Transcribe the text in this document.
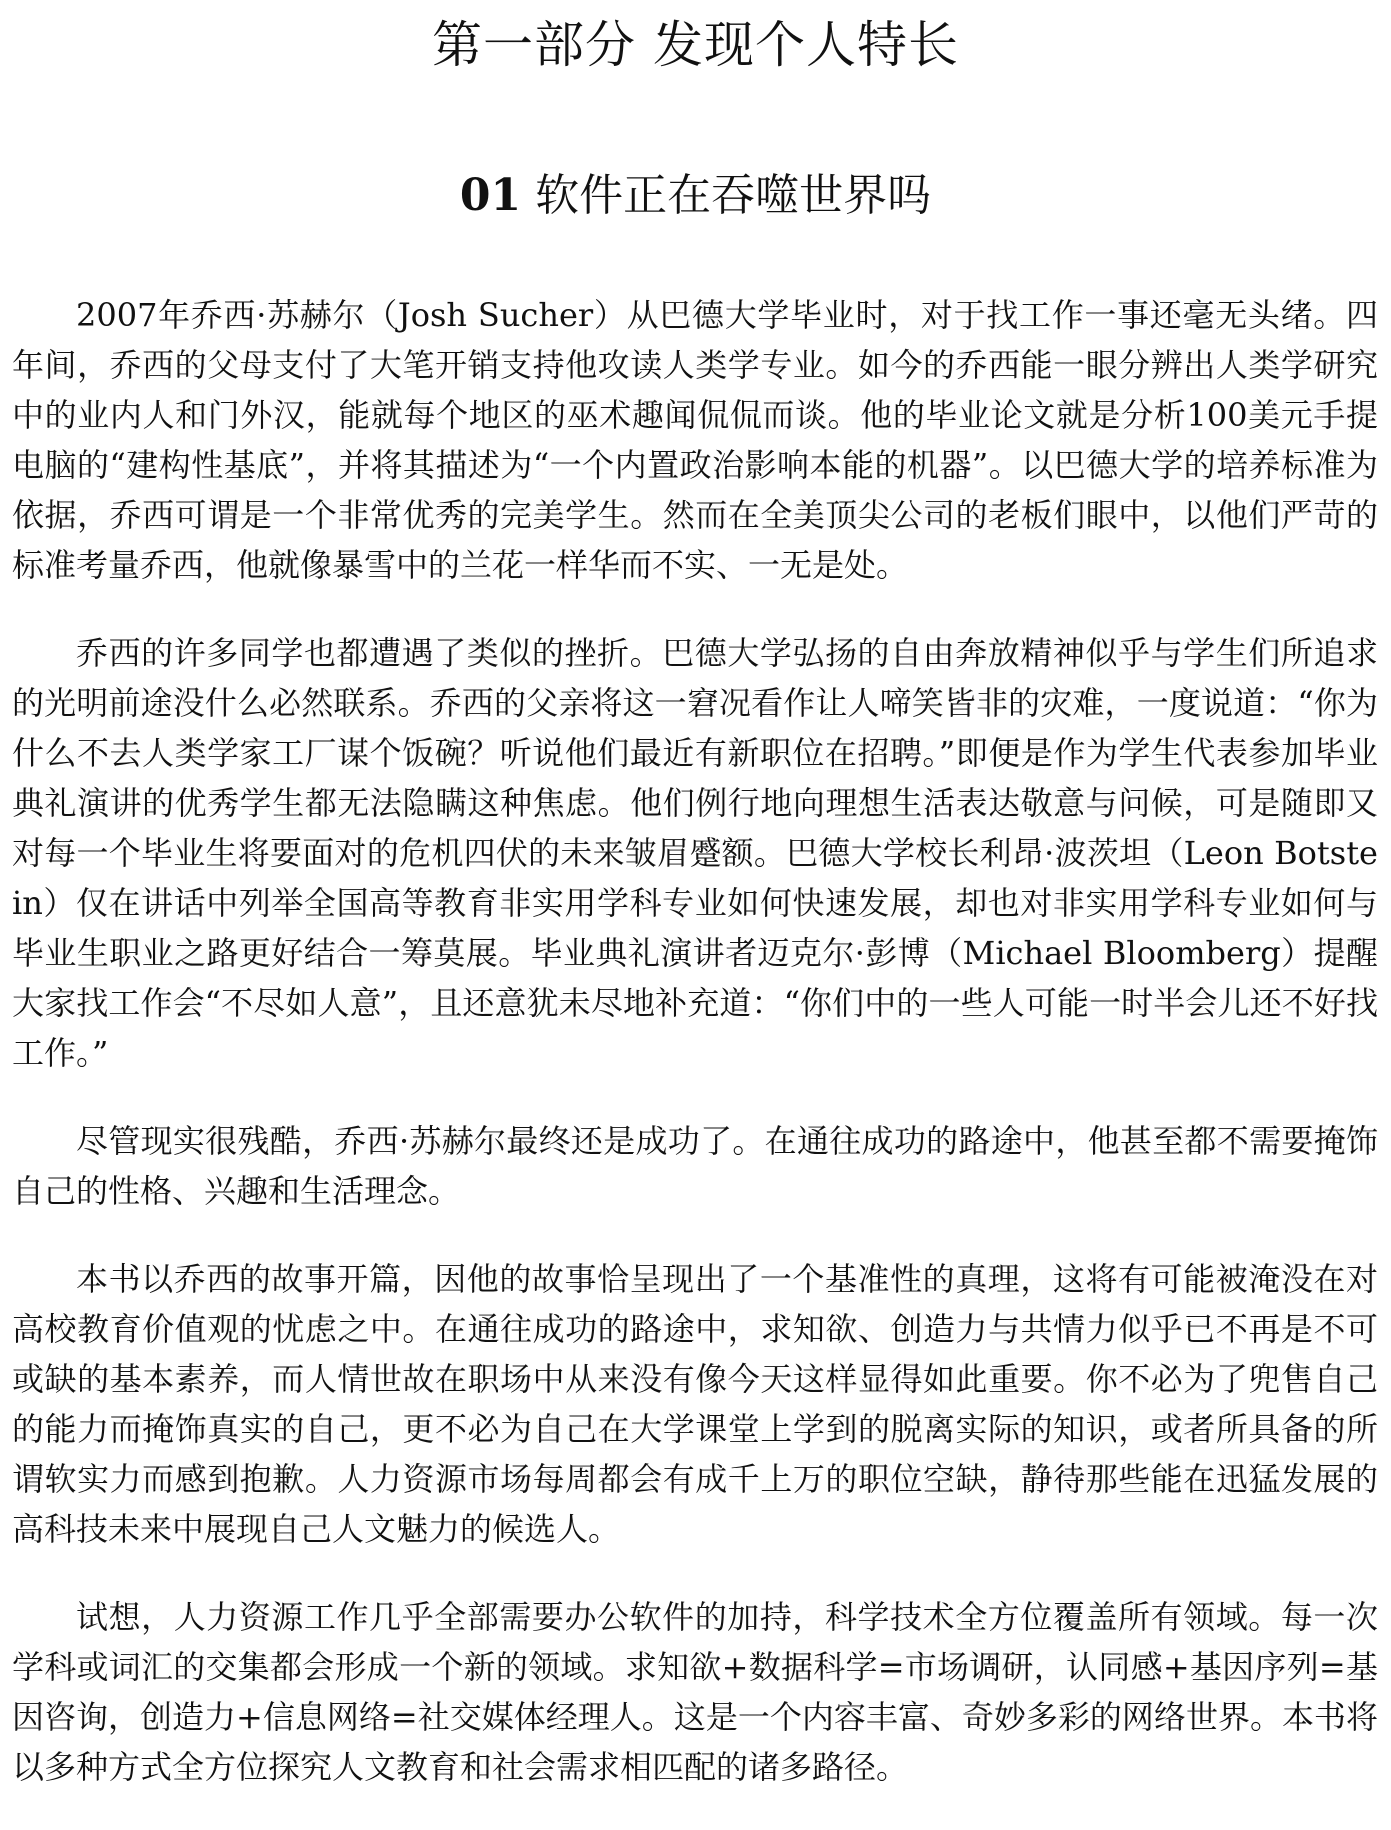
第一部分 发现个人特长
01 软件正在吞噬世界吗

2007年乔西·苏赫尔（Josh Sucher）从巴德大学毕业时，对于找工作一事还毫无头绪。四年间，乔西的父母支付了大笔开销支持他攻读人类学专业。如今的乔西能一眼分辨出人类学研究中的业内人和门外汉，能就每个地区的巫术趣闻侃侃而谈。他的毕业论文就是分析100美元手提电脑的“建构性基底”，并将其描述为“一个内置政治影响本能的机器”。以巴德大学的培养标准为依据，乔西可谓是一个非常优秀的完美学生。然而在全美顶尖公司的老板们眼中，以他们严苛的标准考量乔西，他就像暴雪中的兰花一样华而不实、一无是处。

乔西的许多同学也都遭遇了类似的挫折。巴德大学弘扬的自由奔放精神似乎与学生们所追求的光明前途没什么必然联系。乔西的父亲将这一窘况看作让人啼笑皆非的灾难，一度说道：“你为什么不去人类学家工厂谋个饭碗？听说他们最近有新职位在招聘。”即便是作为学生代表参加毕业典礼演讲的优秀学生都无法隐瞒这种焦虑。他们例行地向理想生活表达敬意与问候，可是随即又对每一个毕业生将要面对的危机四伏的未来皱眉蹙额。巴德大学校长利昂·波茨坦（Leon Botstein）仅在讲话中列举全国高等教育非实用学科专业如何快速发展，却也对非实用学科专业如何与毕业生职业之路更好结合一筹莫展。毕业典礼演讲者迈克尔·彭博（Michael Bloomberg）提醒大家找工作会“不尽如人意”，且还意犹未尽地补充道：“你们中的一些人可能一时半会儿还不好找工作。”

尽管现实很残酷，乔西·苏赫尔最终还是成功了。在通往成功的路途中，他甚至都不需要掩饰自己的性格、兴趣和生活理念。

本书以乔西的故事开篇，因他的故事恰呈现出了一个基准性的真理，这将有可能被淹没在对高校教育价值观的忧虑之中。在通往成功的路途中，求知欲、创造力与共情力似乎已不再是不可或缺的基本素养，而人情世故在职场中从来没有像今天这样显得如此重要。你不必为了兜售自己的能力而掩饰真实的自己，更不必为自己在大学课堂上学到的脱离实际的知识，或者所具备的所谓软实力而感到抱歉。人力资源市场每周都会有成千上万的职位空缺，静待那些能在迅猛发展的高科技未来中展现自己人文魅力的候选人。

试想，人力资源工作几乎全部需要办公软件的加持，科学技术全方位覆盖所有领域。每一次学科或词汇的交集都会形成一个新的领域。求知欲+数据科学=市场调研，认同感+基因序列=基因咨询，创造力+信息网络=社交媒体经理人。这是一个内容丰富、奇妙多彩的网络世界。本书将以多种方式全方位探究人文教育和社会需求相匹配的诸多路径。
